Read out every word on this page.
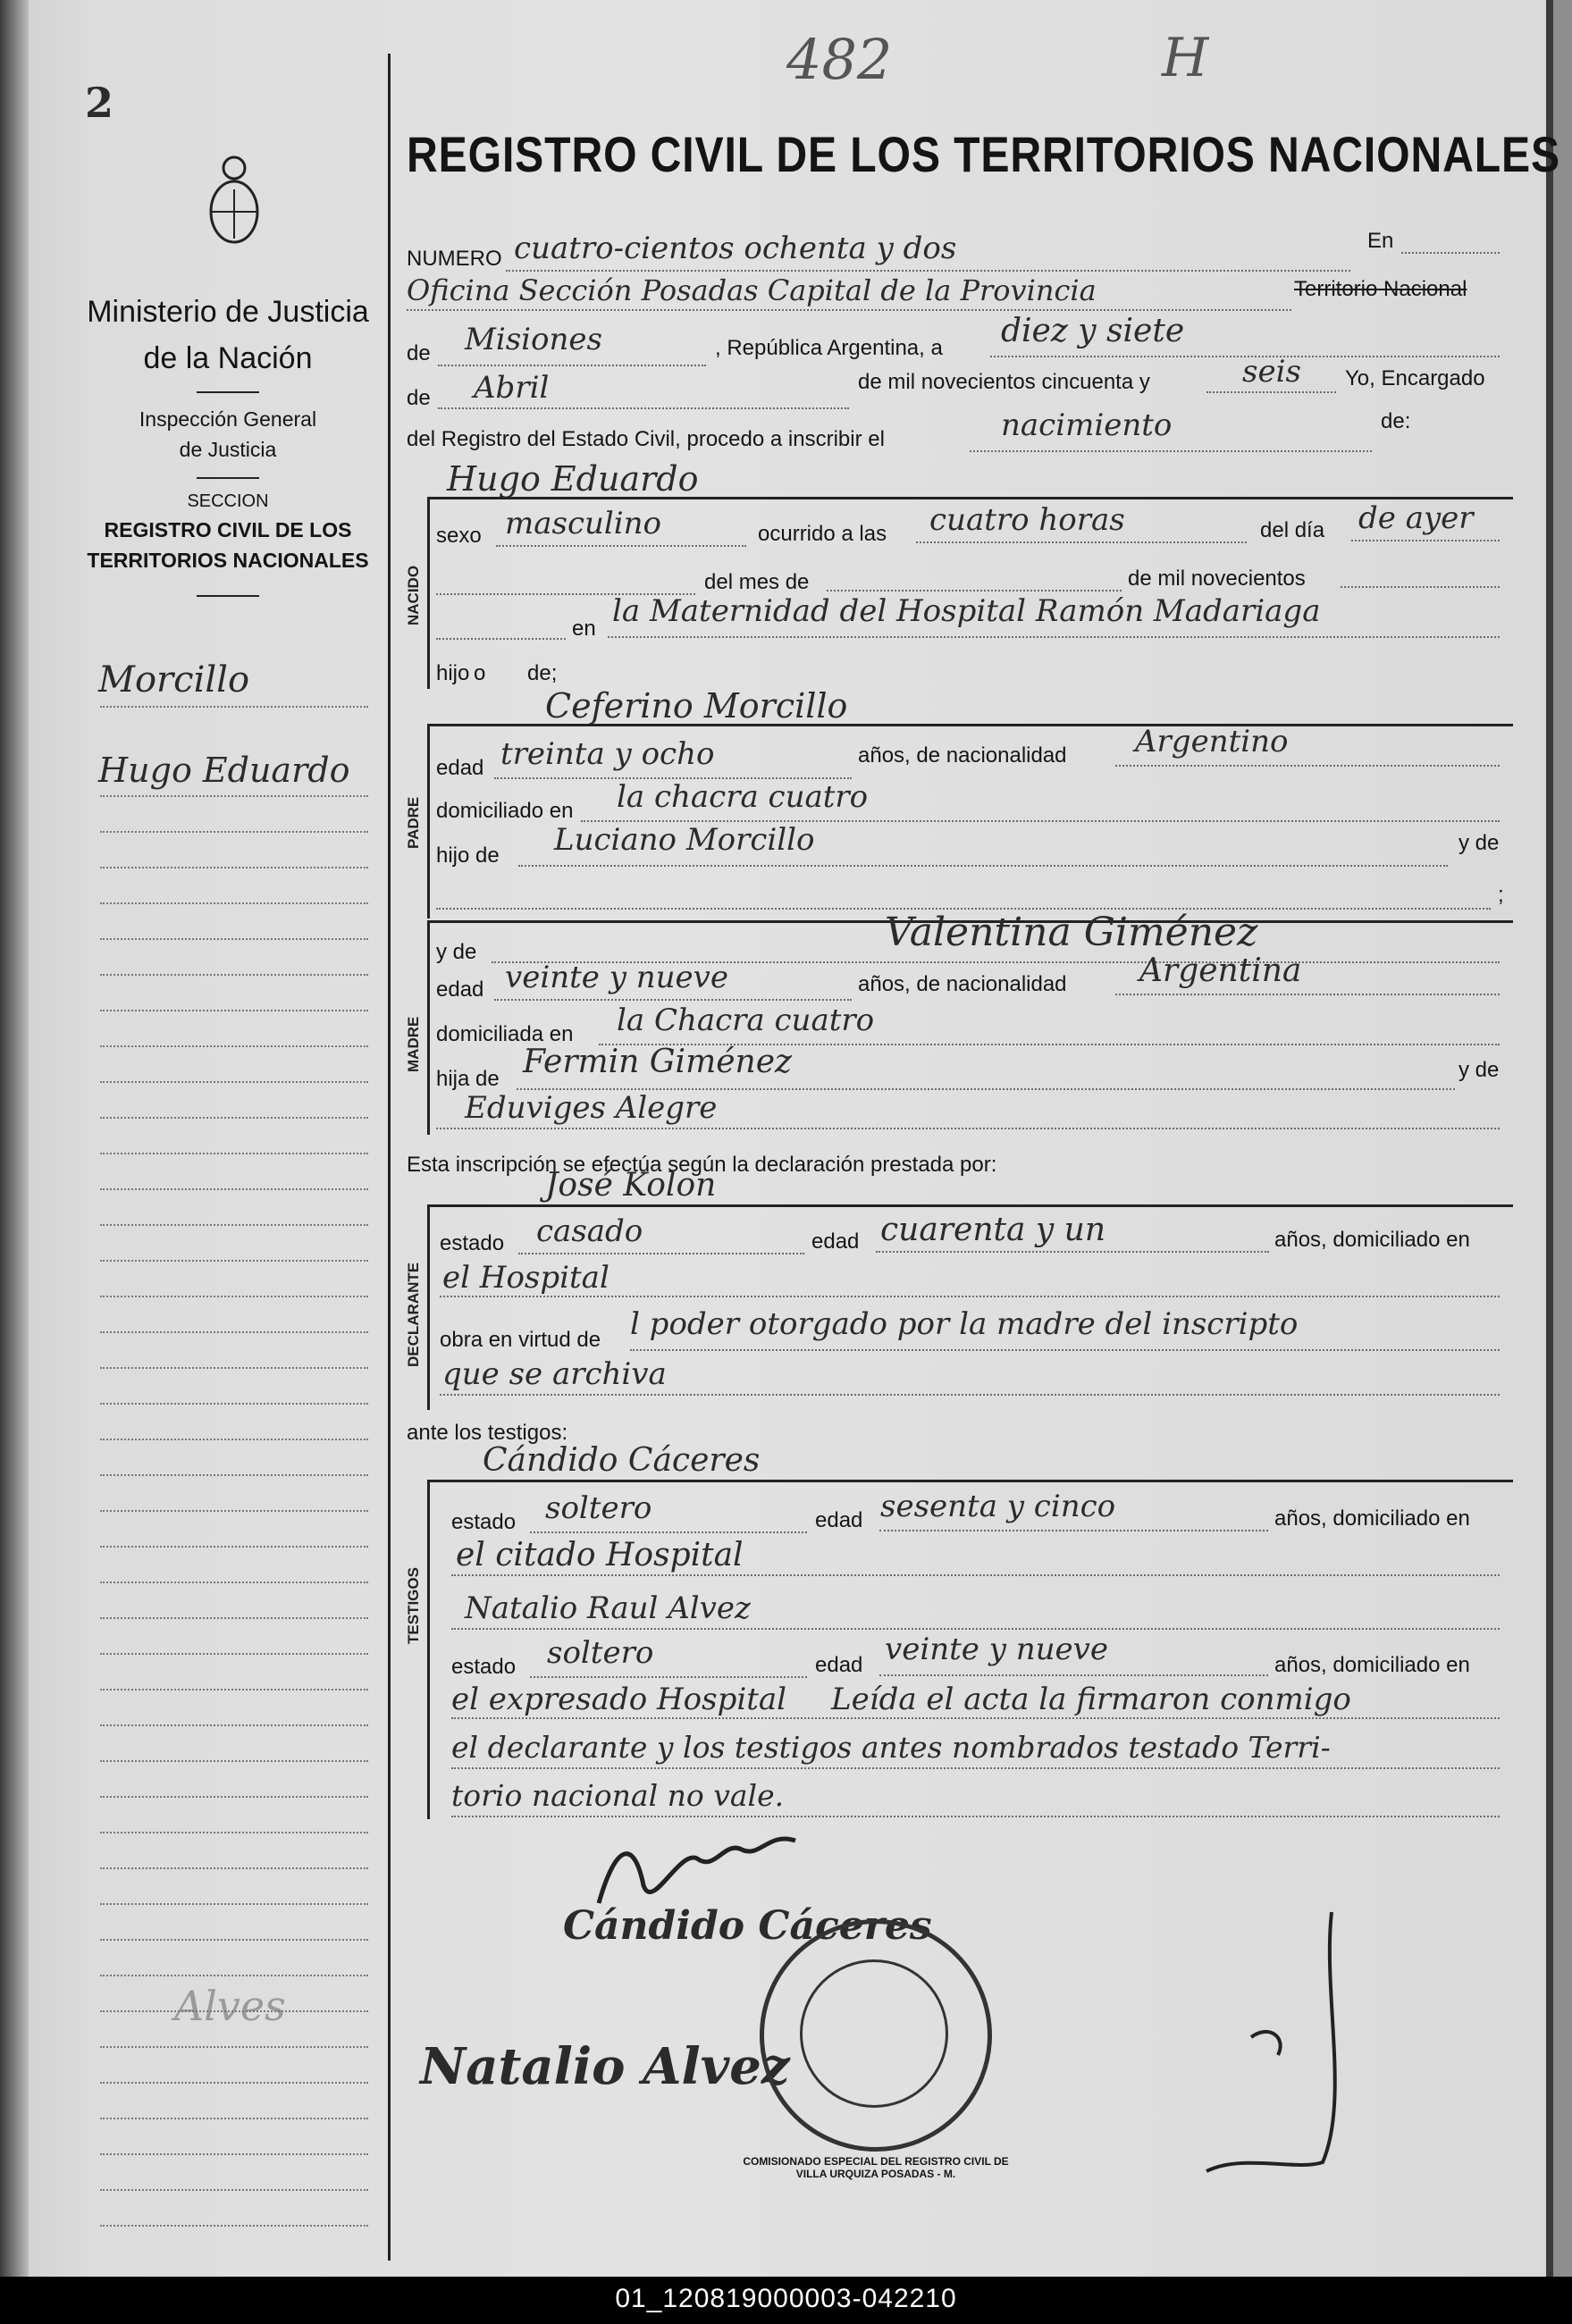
2
482	H
Ministerio de Justicia
de la Nación
Inspección General
de Justicia
SECCION
REGISTRO CIVIL DE LOS
TERRITORIOS NACIONALES
Morcillo
Hugo Eduardo
Alves
REGISTRO CIVIL DE LOS TERRITORIOS NACIONALES
NUMERO cuatro-cientos ochenta y dos	En
Oficina Sección Posadas Capital de la Provincia	Territorio Nacional
de Misiones	, República Argentina, a diez y siete
de Abril	de mil novecientos cincuenta y	seis Yo, Encargado
del Registro del Estado Civil, procedo a inscribir el	nacimiento	de:
Hugo Eduardo
NACIDO
sexo masculino	ocurrido a las cuatro horas	del día de ayer
del mes de	de mil novecientos
en la Maternidad del Hospital Ramón Madariaga
hijo o de;
Ceferino Morcillo
PADRE
edad treinta y ocho	años, de nacionalidad Argentino
domiciliado en la chacra cuatro
hijo de Luciano Morcillo	y de
;
MADRE
y de	Valentina Giménez
edad veinte y nueve	años, de nacionalidad Argentina
domiciliada en la Chacra cuatro
hija de Fermin Giménez	y de
Eduviges Alegre
Esta inscripción se efectúa según la declaración prestada por:
José Kolon
DECLARANTE
estado casado	edad cuarenta y un	años, domiciliado en
el Hospital
obra en virtud de l poder otorgado por la madre del inscripto
que se archiva
ante los testigos:
Cándido Cáceres
TESTIGOS
estado soltero	edad sesenta y cinco	años, domiciliado en
el citado Hospital
Natalio Raul Alvez
estado soltero	edad veinte y nueve	años, domiciliado en
el expresado Hospital Leída el acta la firmaron conmigo
el declarante y los testigos antes nombrados testado Terri-
torio nacional no vale.
Cándido Cáceres
Natalio Alvez
COMISIONADO ESPECIAL DEL REGISTRO CIVIL DE VILLA URQUIZA POSADAS - M.
01_120819000003-042210
